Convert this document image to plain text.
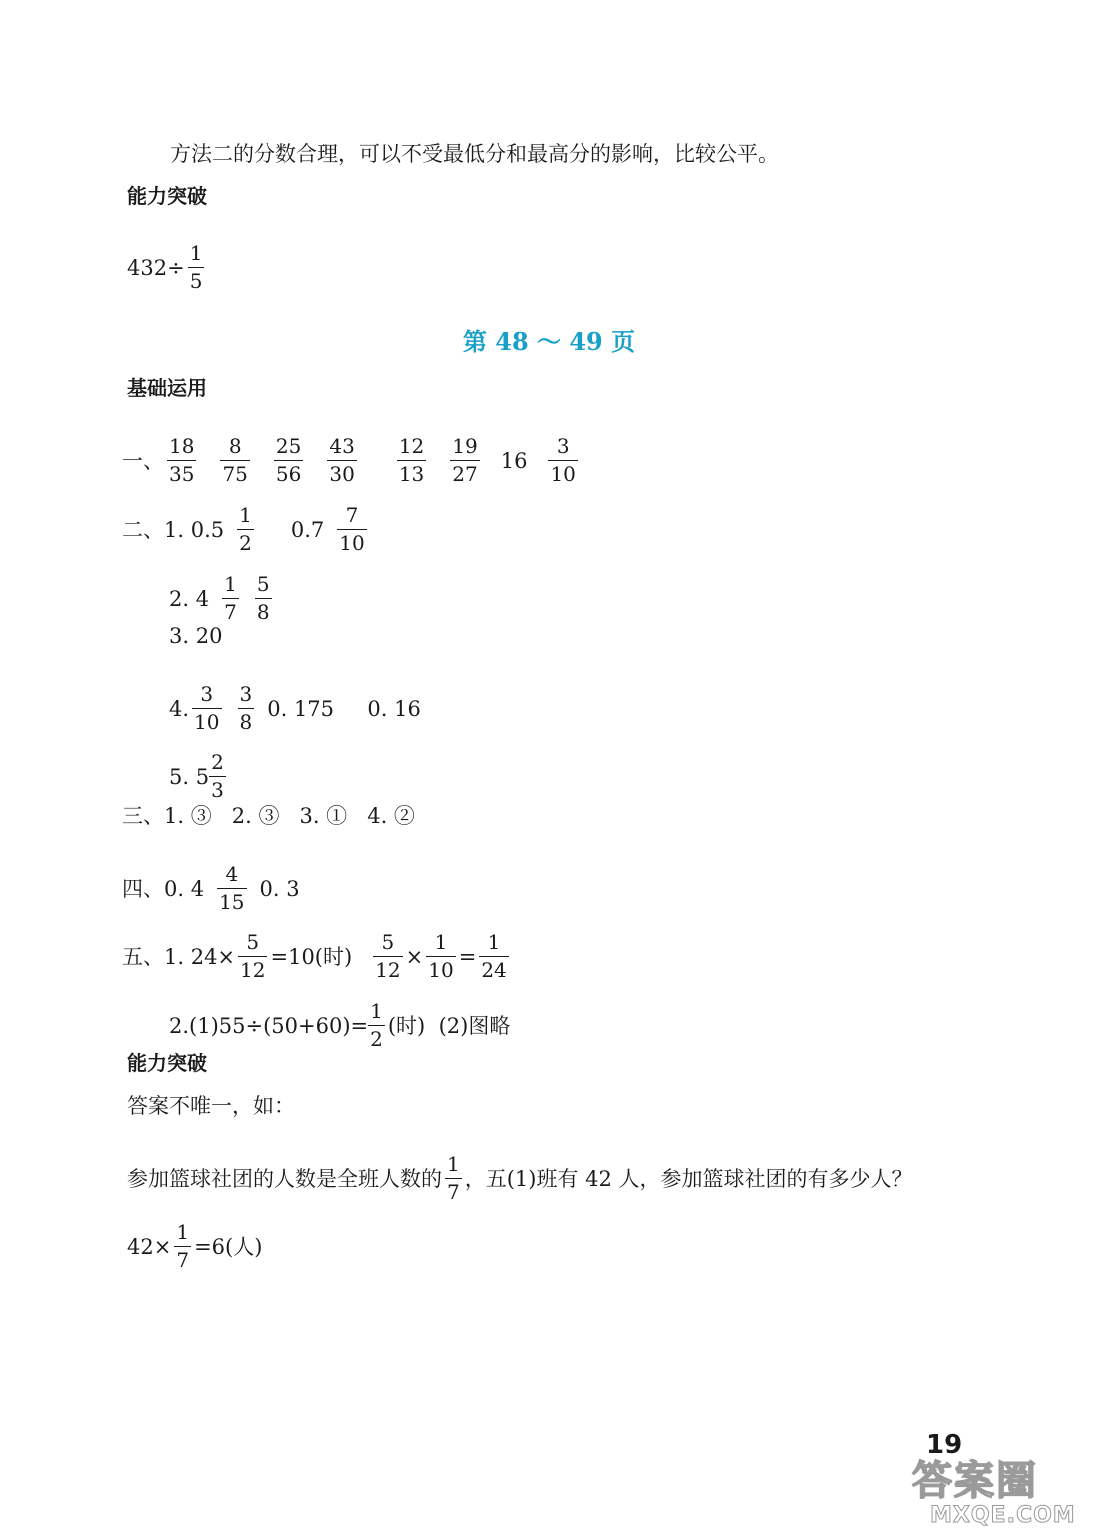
方法二的分数合理，可以不受最低分和最高分的影响，比较公平。
能力突破
$432\div \frac{1}{5}$
第 48 ～ 49 页
基础运用
一、 $\frac{18}{35} \frac{8}{75} \frac{25}{56} \frac{43}{30} \frac{12}{13} \frac{19}{27} 16 \frac{3}{10}$
二、1. $0.5 \frac{1}{2} 0.7 \frac{7}{10}$
2. $4 \frac{1}{7} \frac{5}{8}$
3. 20
4. $\frac{3}{10} \frac{3}{8} 0$. 175     0. 16
5. $5 \frac{2}{3}$
三、1. ③   2. ③   3. ①   4. ②
四、0. $4 \frac{4}{15} 0$. 3
五、1. $24\times \frac{5}{12} =10$(时) $\frac{5}{12} \times \frac{1}{10} = \frac{1}{24}$
$2.(1)55\div(50+60)= \frac{1}{2}$ (时)  (2)图略
能力突破
答案不唯一，如：
参加篮球社团的人数是全班人数的 $\frac{1}{7}$ ，五(1)班有 42 人，参加篮球社团的有多少人？
$42\times \frac{1}{7} =6$(人)
19
答案圈
MXQE.COM
